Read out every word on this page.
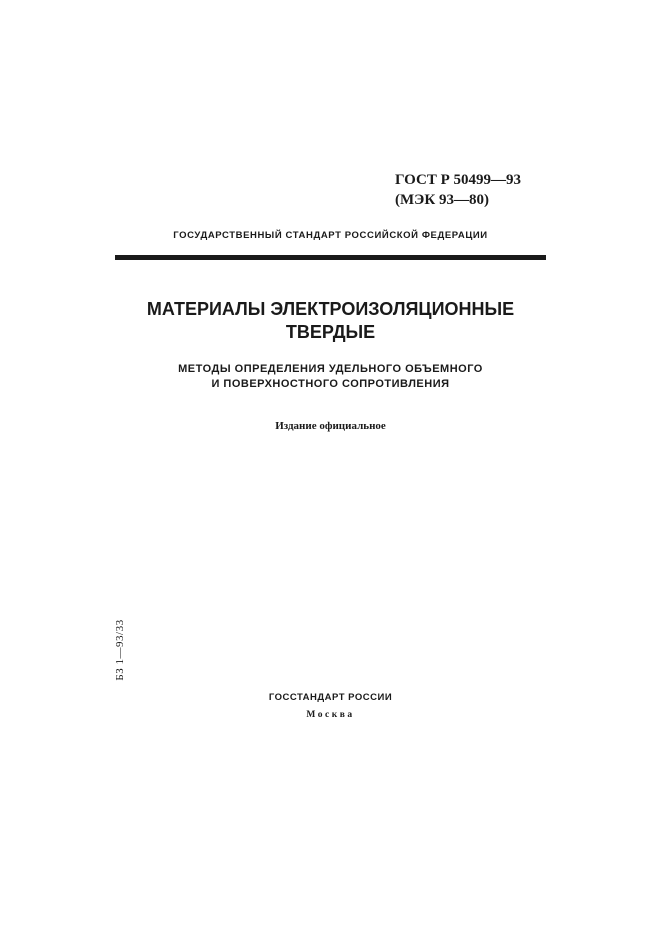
ГОСТ Р 50499—93
(МЭК 93—80)
ГОСУДАРСТВЕННЫЙ СТАНДАРТ РОССИЙСКОЙ ФЕДЕРАЦИИ
МАТЕРИАЛЫ ЭЛЕКТРОИЗОЛЯЦИОННЫЕ
ТВЕРДЫЕ
МЕТОДЫ ОПРЕДЕЛЕНИЯ УДЕЛЬНОГО ОБЪЕМНОГО
И ПОВЕРХНОСТНОГО СОПРОТИВЛЕНИЯ
Издание официальное
БЗ 1—93/33
ГОССТАНДАРТ РОССИИ
Москва
